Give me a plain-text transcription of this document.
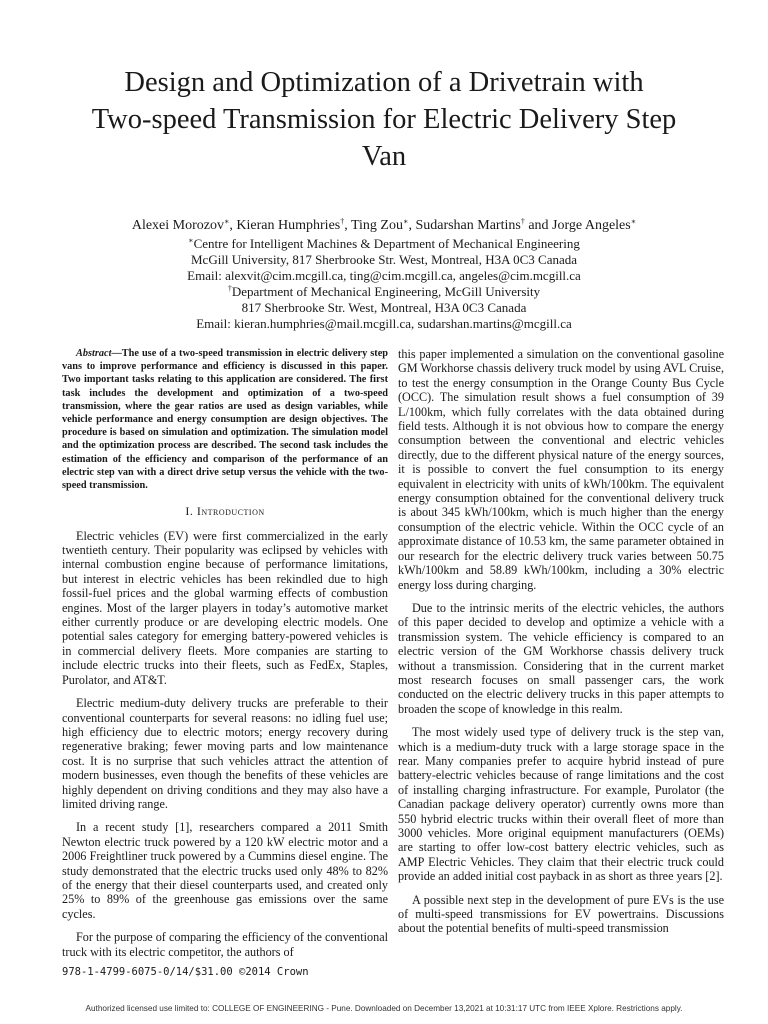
Design and Optimization of a Drivetrain with
Two-speed Transmission for Electric Delivery Step
Van
Alexei Morozov∗, Kieran Humphries†, Ting Zou∗, Sudarshan Martins† and Jorge Angeles∗
∗Centre for Intelligent Machines & Department of Mechanical Engineering
McGill University, 817 Sherbrooke Str. West, Montreal, H3A 0C3 Canada
Email: alexvit@cim.mcgill.ca, ting@cim.mcgill.ca, angeles@cim.mcgill.ca
†Department of Mechanical Engineering, McGill University
817 Sherbrooke Str. West, Montreal, H3A 0C3 Canada
Email: kieran.humphries@mail.mcgill.ca, sudarshan.martins@mcgill.ca

Abstract—The use of a two-speed transmission in electric delivery step vans to improve performance and efficiency is discussed in this paper. Two important tasks relating to this application are considered. The first task includes the development and optimization of a two-speed transmission, where the gear ratios are used as design variables, while vehicle performance and energy consumption are design objectives. The procedure is based on simulation and optimization. The simulation model and the optimization process are described. The second task includes the estimation of the efficiency and comparison of the performance of an electric step van with a direct drive setup versus the vehicle with the two-speed transmission.

I. Introduction

Electric vehicles (EV) were first commercialized in the early twentieth century. Their popularity was eclipsed by vehicles with internal combustion engine because of performance limitations, but interest in electric vehicles has been rekindled due to high fossil-fuel prices and the global warming effects of combustion engines. Most of the larger players in today’s automotive market either currently produce or are developing electric models. One potential sales category for emerging battery-powered vehicles is in commercial delivery fleets. More companies are starting to include electric trucks into their fleets, such as FedEx, Staples, Purolator, and AT&T.

Electric medium-duty delivery trucks are preferable to their conventional counterparts for several reasons: no idling fuel use; high efficiency due to electric motors; energy recovery during regenerative braking; fewer moving parts and low maintenance cost. It is no surprise that such vehicles attract the attention of modern businesses, even though the benefits of these vehicles are highly dependent on driving conditions and they may also have a limited driving range.

In a recent study [1], researchers compared a 2011 Smith Newton electric truck powered by a 120 kW electric motor and a 2006 Freightliner truck powered by a Cummins diesel engine. The study demonstrated that the electric trucks used only 48% to 82% of the energy that their diesel counterparts used, and created only 25% to 89% of the greenhouse gas emissions over the same cycles.

For the purpose of comparing the efficiency of the conventional truck with its electric competitor, the authors of

this paper implemented a simulation on the conventional gasoline GM Workhorse chassis delivery truck model by using AVL Cruise, to test the energy consumption in the Orange County Bus Cycle (OCC). The simulation result shows a fuel consumption of 39 L/100km, which fully correlates with the data obtained during field tests. Although it is not obvious how to compare the energy consumption between the conventional and electric vehicles directly, due to the different physical nature of the energy sources, it is possible to convert the fuel consumption to its energy equivalent in electricity with units of kWh/100km. The equivalent energy consumption obtained for the conventional delivery truck is about 345 kWh/100km, which is much higher than the energy consumption of the electric vehicle. Within the OCC cycle of an approximate distance of 10.53 km, the same parameter obtained in our research for the electric delivery truck varies between 50.75 kWh/100km and 58.89 kWh/100km, including a 30% electric energy loss during charging.

Due to the intrinsic merits of the electric vehicles, the authors of this paper decided to develop and optimize a vehicle with a transmission system. The vehicle efficiency is compared to an electric version of the GM Workhorse chassis delivery truck without a transmission. Considering that in the current market most research focuses on small passenger cars, the work conducted on the electric delivery trucks in this paper attempts to broaden the scope of knowledge in this realm.

The most widely used type of delivery truck is the step van, which is a medium-duty truck with a large storage space in the rear. Many companies prefer to acquire hybrid instead of pure battery-electric vehicles because of range limitations and the cost of installing charging infrastructure. For example, Purolator (the Canadian package delivery operator) currently owns more than 550 hybrid electric trucks within their overall fleet of more than 3000 vehicles. More original equipment manufacturers (OEMs) are starting to offer low-cost battery electric vehicles, such as AMP Electric Vehicles. They claim that their electric truck could provide an added initial cost payback in as short as three years [2].

A possible next step in the development of pure EVs is the use of multi-speed transmissions for EV powertrains. Discussions about the potential benefits of multi-speed transmission

978-1-4799-6075-0/14/$31.00 ©2014 Crown
Authorized licensed use limited to: COLLEGE OF ENGINEERING - Pune. Downloaded on December 13,2021 at 10:31:17 UTC from IEEE Xplore. Restrictions apply.
